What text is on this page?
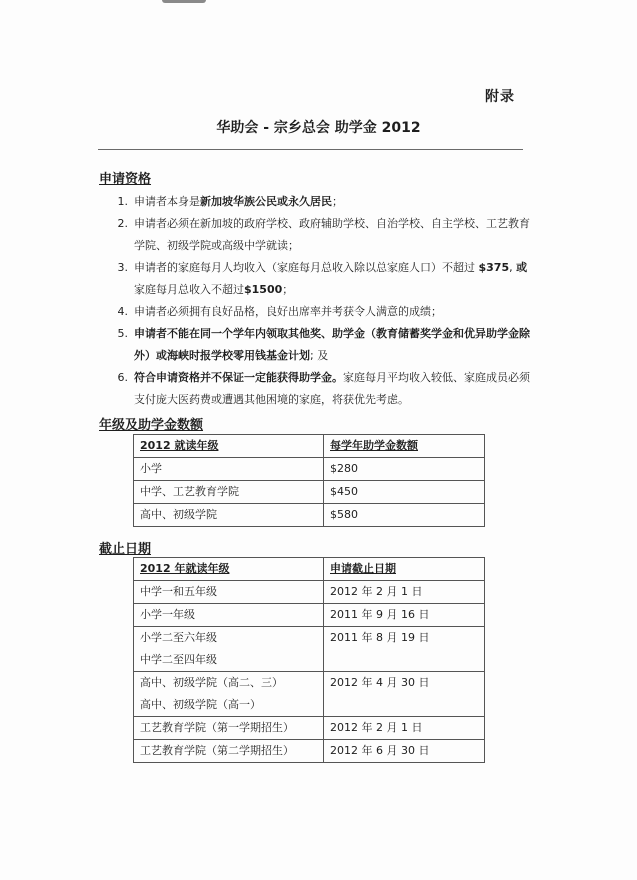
附录
华助会 - 宗乡总会 助学金 2012
申请资格
1. 申请者本身是新加坡华族公民或永久居民；
2. 申请者必须在新加坡的政府学校、政府辅助学校、自治学校、自主学校、工艺教育学院、初级学院或高级中学就读；
3. 申请者的家庭每月人均收入（家庭每月总收入除以总家庭人口）不超过 $375, 或家庭每月总收入不超过$1500；
4. 申请者必须拥有良好品格，良好出席率并考获令人满意的成绩；
5. 申请者不能在同一个学年内领取其他奖、助学金（教育储蓄奖学金和优异助学金除外）或海峡时报学校零用钱基金计划; 及
6. 符合申请资格并不保证一定能获得助学金。家庭每月平均收入较低、家庭成员必须支付庞大医药费或遭遇其他困境的家庭，将获优先考虑。
年级及助学金数额
2012 就读年级	每学年助学金数额

小学	$280

中学、工艺教育学院	$450

高中、初级学院	$580
截止日期
2012 年就读年级	申请截止日期

中学一和五年级	2012 年 2 月 1 日

小学一年级	2011 年 9 月 16 日

小学二至六年级
中学二至四年级	2011 年 8 月 19 日

高中、初级学院（高二、三）
高中、初级学院（高一）	2012 年 4 月 30 日

工艺教育学院（第一学期招生）	2012 年 2 月 1 日

工艺教育学院（第二学期招生）	2012 年 6 月 30 日
